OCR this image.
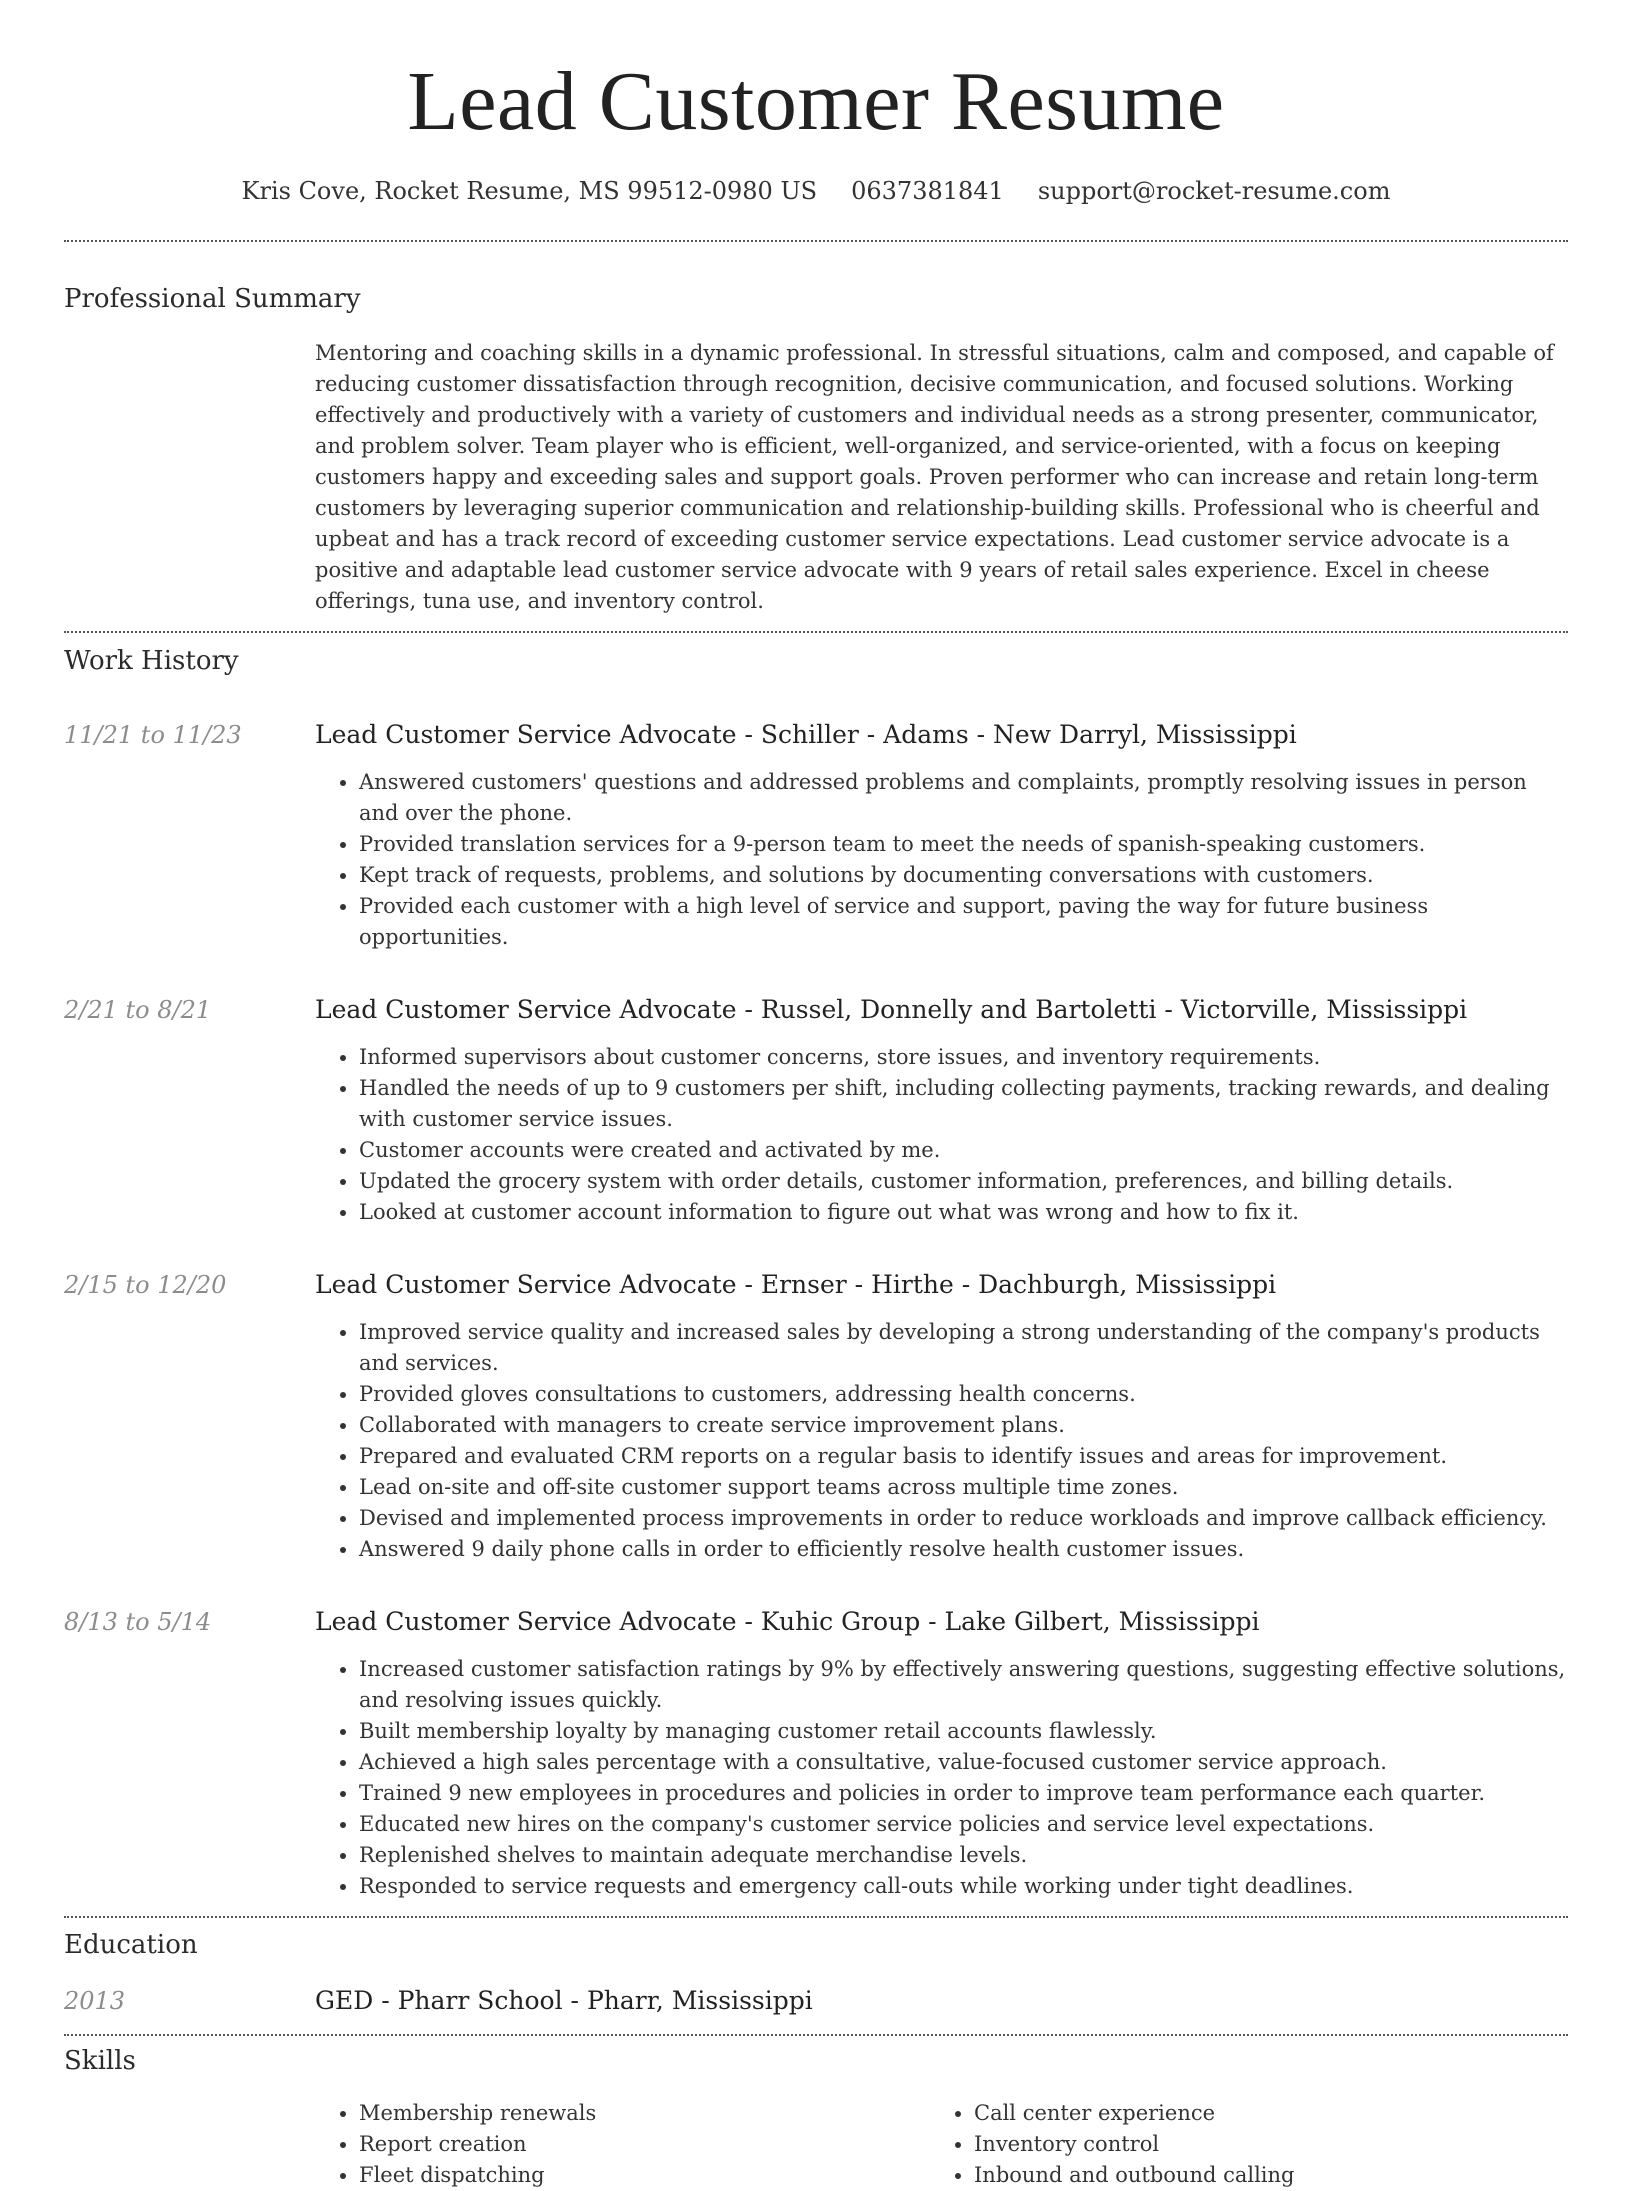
Lead Customer Resume
Kris Cove, Rocket Resume, MS 99512-0980 US 0637381841 support@rocket-resume.com
Professional Summary
Mentoring and coaching skills in a dynamic professional. In stressful situations, calm and composed, and capable of reducing customer dissatisfaction through recognition, decisive communication, and focused solutions. Working effectively and productively with a variety of customers and individual needs as a strong presenter, communicator, and problem solver. Team player who is efficient, well-organized, and service-oriented, with a focus on keeping customers happy and exceeding sales and support goals. Proven performer who can increase and retain long-term customers by leveraging superior communication and relationship-building skills. Professional who is cheerful and upbeat and has a track record of exceeding customer service expectations. Lead customer service advocate is a positive and adaptable lead customer service advocate with 9 years of retail sales experience. Excel in cheese offerings, tuna use, and inventory control.
Work History
11/21 to 11/23	Lead Customer Service Advocate - Schiller - Adams - New Darryl, Mississippi
• Answered customers' questions and addressed problems and complaints, promptly resolving issues in person and over the phone.
• Provided translation services for a 9-person team to meet the needs of spanish-speaking customers.
• Kept track of requests, problems, and solutions by documenting conversations with customers.
• Provided each customer with a high level of service and support, paving the way for future business opportunities.
2/21 to 8/21	Lead Customer Service Advocate - Russel, Donnelly and Bartoletti - Victorville, Mississippi
• Informed supervisors about customer concerns, store issues, and inventory requirements.
• Handled the needs of up to 9 customers per shift, including collecting payments, tracking rewards, and dealing with customer service issues.
• Customer accounts were created and activated by me.
• Updated the grocery system with order details, customer information, preferences, and billing details.
• Looked at customer account information to figure out what was wrong and how to fix it.
2/15 to 12/20	Lead Customer Service Advocate - Ernser - Hirthe - Dachburgh, Mississippi
• Improved service quality and increased sales by developing a strong understanding of the company's products and services.
• Provided gloves consultations to customers, addressing health concerns.
• Collaborated with managers to create service improvement plans.
• Prepared and evaluated CRM reports on a regular basis to identify issues and areas for improvement.
• Lead on-site and off-site customer support teams across multiple time zones.
• Devised and implemented process improvements in order to reduce workloads and improve callback efficiency.
• Answered 9 daily phone calls in order to efficiently resolve health customer issues.
8/13 to 5/14	Lead Customer Service Advocate - Kuhic Group - Lake Gilbert, Mississippi
• Increased customer satisfaction ratings by 9% by effectively answering questions, suggesting effective solutions, and resolving issues quickly.
• Built membership loyalty by managing customer retail accounts flawlessly.
• Achieved a high sales percentage with a consultative, value-focused customer service approach.
• Trained 9 new employees in procedures and policies in order to improve team performance each quarter.
• Educated new hires on the company's customer service policies and service level expectations.
• Replenished shelves to maintain adequate merchandise levels.
• Responded to service requests and emergency call-outs while working under tight deadlines.
Education
2013	GED - Pharr School - Pharr, Mississippi
Skills
• Membership renewals
• Report creation
• Fleet dispatching
• Call center experience
• Inventory control
• Inbound and outbound calling
